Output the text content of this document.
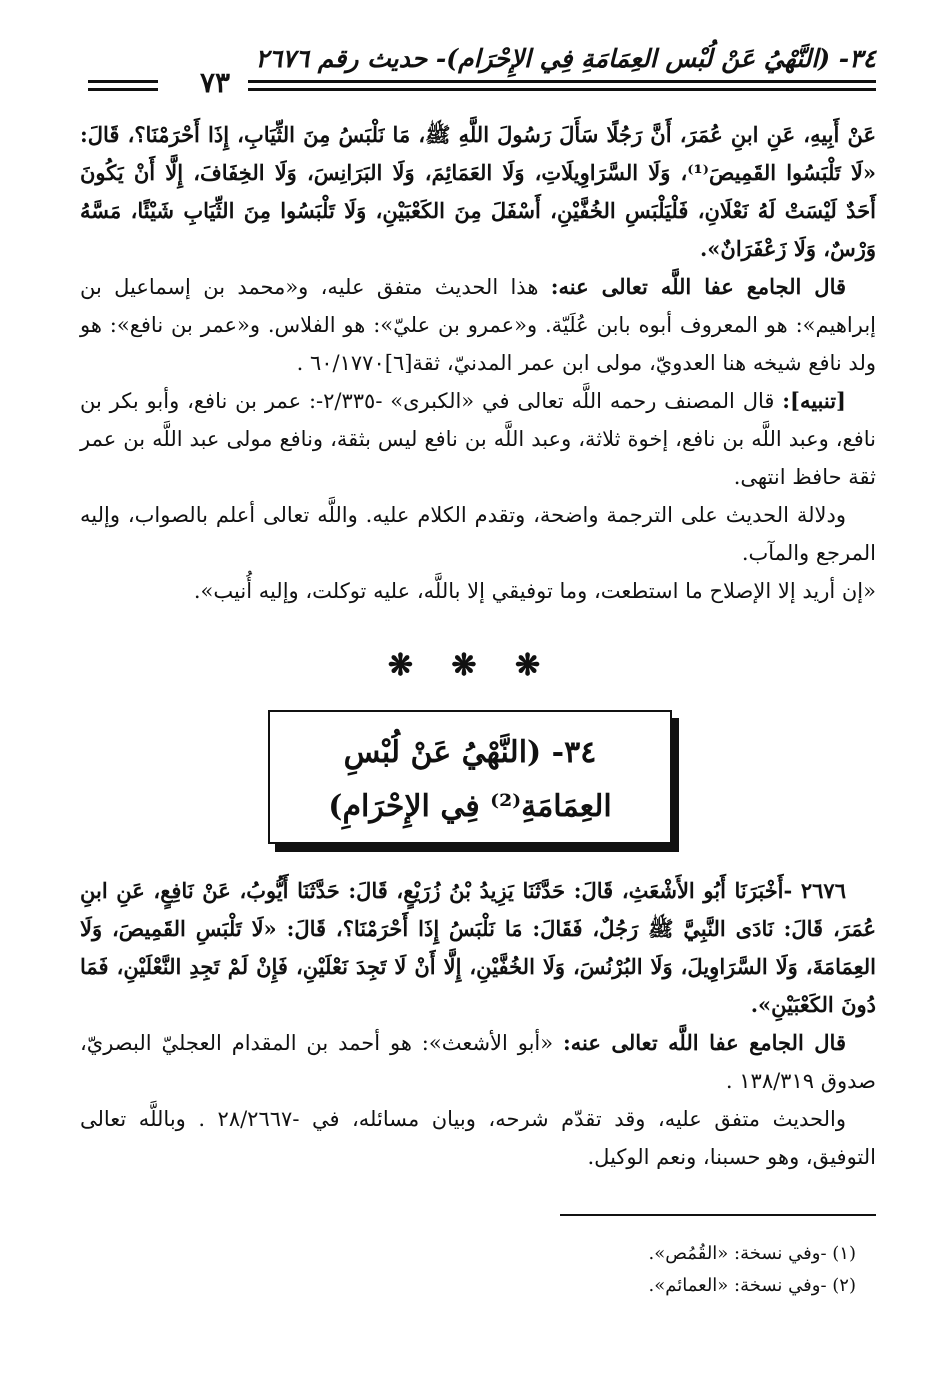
٣٤- (النَّهْيُ عَنْ لُبْس العِمَامَةِ فِي الإِحْرَام)- حديث رقم ٢٦٧٦
٧٣

عَنْ أَبِيهِ، عَنِ ابنِ عُمَرَ، أَنَّ رَجُلًا سَأَلَ رَسُولَ اللَّهِ ﷺ، مَا نَلْبَسُ مِنَ الثِّيَابِ، إِذَا أَحْرَمْنَا؟، قَالَ: «لَا تَلْبَسُوا القَمِيصَ⁽¹⁾، وَلَا السَّرَاوِيلَاتِ، وَلَا العَمَائِمَ، وَلَا البَرَانِسَ، وَلَا الخِفَافَ، إِلَّا أَنْ يَكُونَ أَحَدٌ لَيْسَتْ لَهُ نَعْلَانِ، فَلْيَلْبَسِ الخُفَّيْنِ، أَسْفَلَ مِنَ الكَعْبَيْنِ، وَلَا تَلْبَسُوا مِنَ الثِّيَابِ شَيْئًا، مَسَّهُ وَرْسٌ، وَلَا زَعْفَرَانٌ».

قال الجامع عفا اللَّه تعالى عنه: هذا الحديث متفق عليه، و«محمد بن إسماعيل بن إبراهيم»: هو المعروف أبوه بابن عُلَيّة. و«عمرو بن عليّ»: هو الفلاس. و«عمر بن نافع»: هو ولد نافع شيخه هنا العدويّ، مولى ابن عمر المدنيّ، ثقة[٦]٦٠/١٧٧٠ .

[تنبيه]: قال المصنف رحمه اللَّه تعالى في «الكبرى» -٢/٣٣٥-: عمر بن نافع، وأبو بكر بن نافع، وعبد اللَّه بن نافع، إخوة ثلاثة، وعبد اللَّه بن نافع ليس بثقة، ونافع مولى عبد اللَّه بن عمر ثقة حافظ انتهى.

ودلالة الحديث على الترجمة واضحة، وتقدم الكلام عليه. واللَّه تعالى أعلم بالصواب، وإليه المرجع والمآب.

«إن أريد إلا الإصلاح ما استطعت، وما توفيقي إلا باللَّه، عليه توكلت، وإليه أُنيب».

❋ ❋ ❋
٣٤- (النَّهْيُ عَنْ لُبْسِ العِمَامَةِ⁽²⁾ فِي الإِحْرَامِ)

٢٦٧٦ -أَخْبَرَنَا أَبُو الأَشْعَثِ، قَالَ: حَدَّثَنَا يَزِيدُ بْنُ زُرَيْعٍ، قَالَ: حَدَّثَنَا أَيُّوبُ، عَنْ نَافِعٍ، عَنِ ابنِ عُمَرَ، قَالَ: نَادَى النَّبِيَّ ﷺ رَجُلٌ، فَقَالَ: مَا نَلْبَسُ إِذَا أَحْرَمْنَا؟، قَالَ: «لَا تَلْبَسِ القَمِيصَ، وَلَا العِمَامَةَ، وَلَا السَّرَاوِيلَ، وَلَا البُرْنُسَ، وَلَا الخُفَّيْنِ، إِلَّا أَنْ لَا تَجِدَ نَعْلَيْنِ، فَإِنْ لَمْ تَجِدِ النَّعْلَيْنِ، فَمَا دُونَ الكَعْبَيْنِ».

قال الجامع عفا اللَّه تعالى عنه: «أبو الأشعث»: هو أحمد بن المقدام العجليّ البصريّ، صدوق ١٣٨/٣١٩ .

والحديث متفق عليه، وقد تقدّم شرحه، وبيان مسائله، في -٢٨/٢٦٦٧ . وباللَّه تعالى التوفيق، وهو حسبنا، ونعم الوكيل.

(١) -وفي نسخة: «القُمُص».
(٢) -وفي نسخة: «العمائم».
